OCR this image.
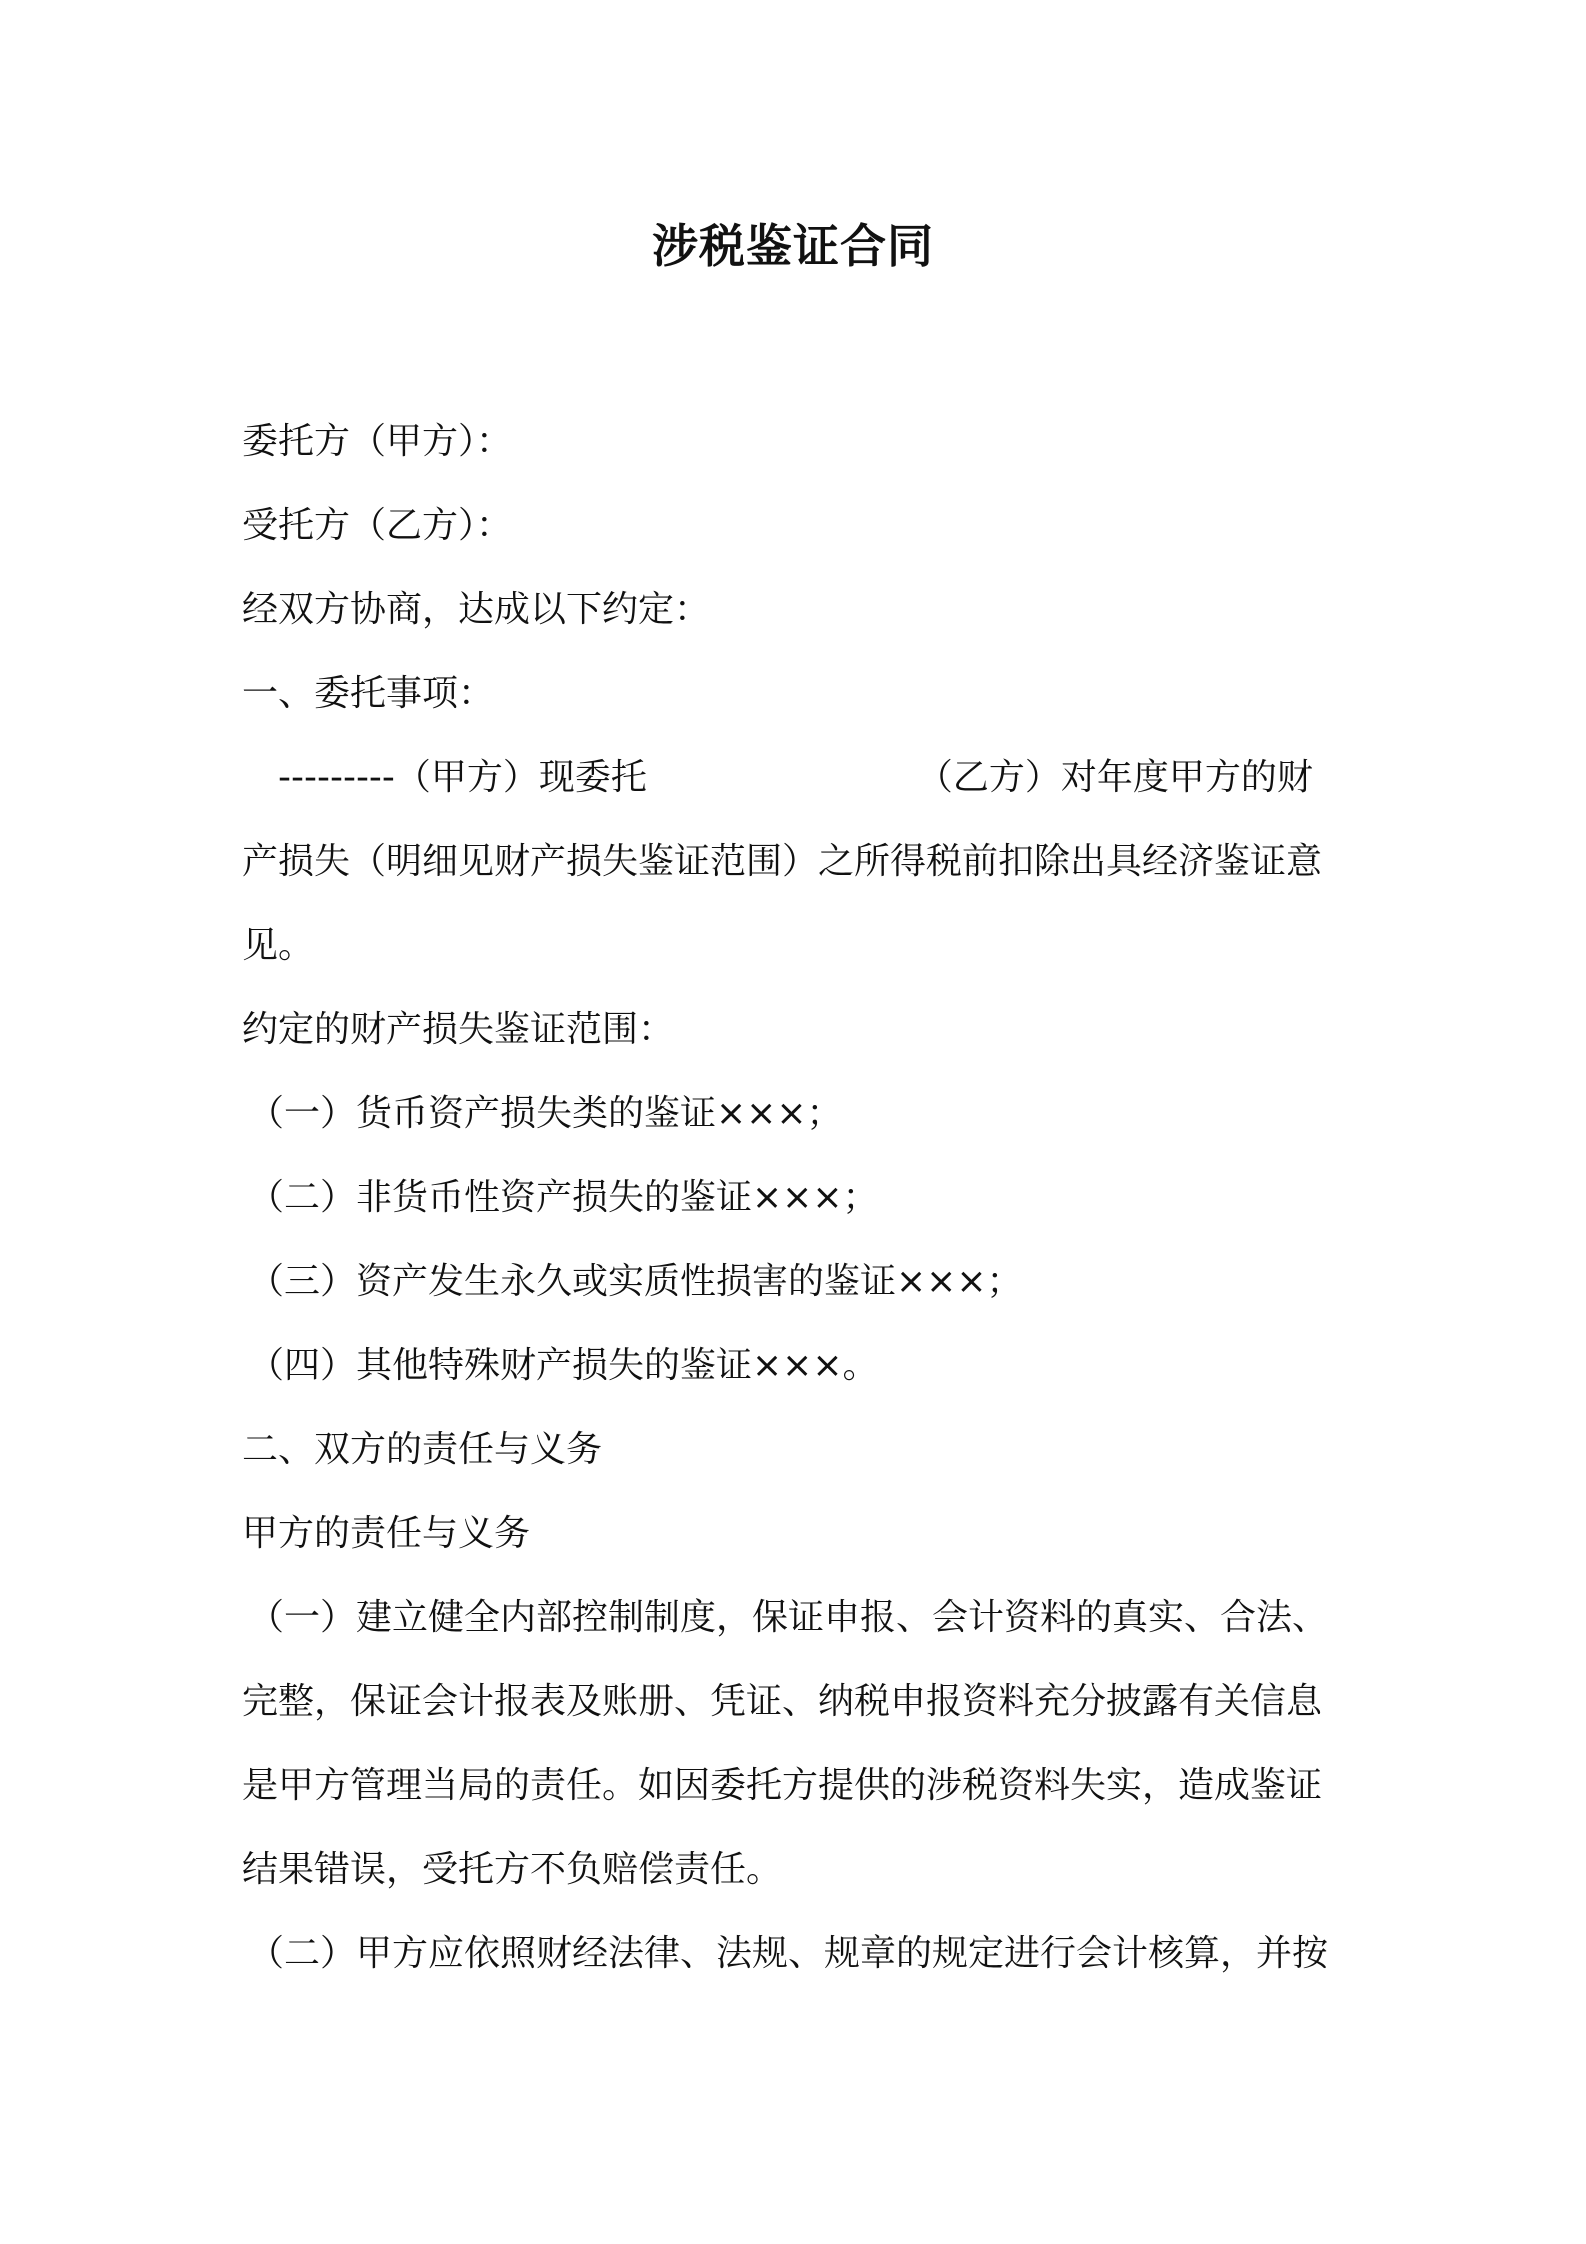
涉税鉴证合同
委托方（甲方）：
受托方（乙方）：
经双方协商，达成以下约定：
一、委托事项：
---------（甲方）现委托	（乙方）对年度甲方的财
产损失（明细见财产损失鉴证范围）之所得税前扣除出具经济鉴证意
见。
约定的财产损失鉴证范围：
（一）货币资产损失类的鉴证×××；
（二）非货币性资产损失的鉴证×××；
（三）资产发生永久或实质性损害的鉴证×××；
（四）其他特殊财产损失的鉴证×××。
二、双方的责任与义务
甲方的责任与义务
（一）建立健全内部控制制度，保证申报、会计资料的真实、合法、
完整，保证会计报表及账册、凭证、纳税申报资料充分披露有关信息
是甲方管理当局的责任。如因委托方提供的涉税资料失实，造成鉴证
结果错误，受托方不负赔偿责任。
（二）甲方应依照财经法律、法规、规章的规定进行会计核算，并按
